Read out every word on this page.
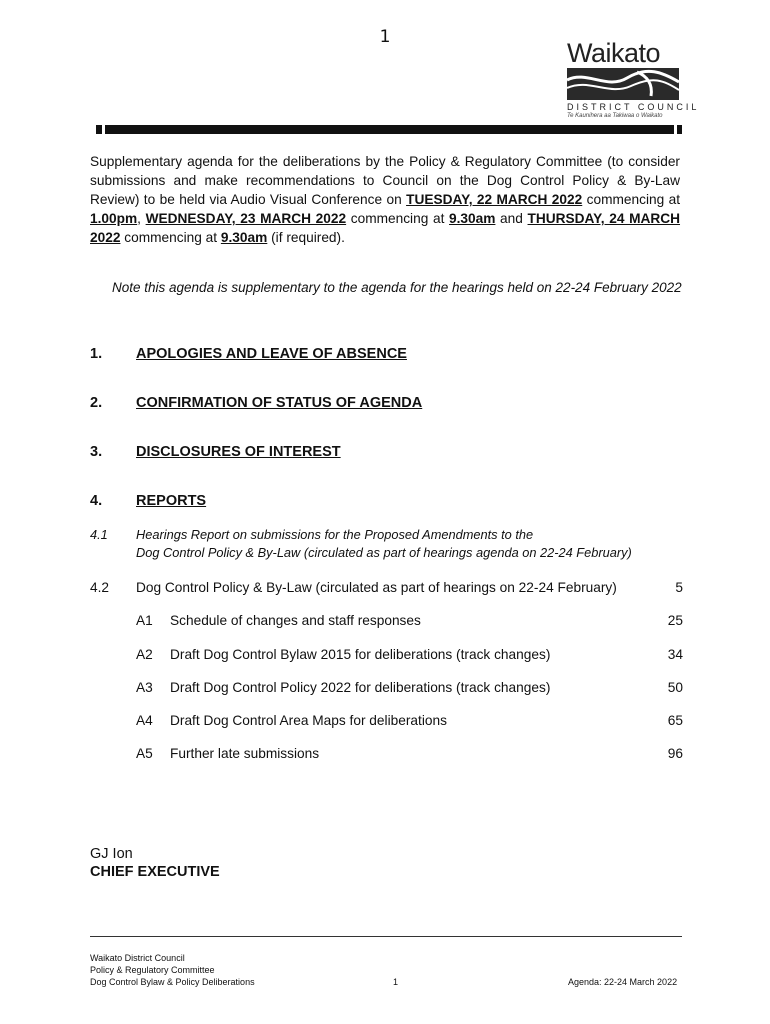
1
Waikato
DISTRICT COUNCIL
Te Kaunihera aa Takiwaa o Waikato
Supplementary agenda for the deliberations by the Policy & Regulatory Committee (to consider submissions and make recommendations to Council on the Dog Control Policy & By-Law Review) to be held via Audio Visual Conference on TUESDAY, 22 MARCH 2022 commencing at 1.00pm, WEDNESDAY, 23 MARCH 2022 commencing at 9.30am and THURSDAY, 24 MARCH 2022 commencing at 9.30am (if required).
Note this agenda is supplementary to the agenda for the hearings held on 22-24 February 2022
1. APOLOGIES AND LEAVE OF ABSENCE
2. CONFIRMATION OF STATUS OF AGENDA
3. DISCLOSURES OF INTEREST
4. REPORTS
4.1 Hearings Report on submissions for the Proposed Amendments to the
Dog Control Policy & By-Law (circulated as part of hearings agenda on 22-24 February)
4.2 Dog Control Policy & By-Law (circulated as part of hearings on 22-24 February)	5
A1 Schedule of changes and staff responses	25
A2 Draft Dog Control Bylaw 2015 for deliberations (track changes)	34
A3 Draft Dog Control Policy 2022 for deliberations (track changes)	50
A4 Draft Dog Control Area Maps for deliberations	65
A5 Further late submissions	96
GJ Ion
CHIEF EXECUTIVE
Waikato District Council
Policy & Regulatory Committee
Dog Control Bylaw & Policy Deliberations	1	Agenda: 22-24 March 2022
